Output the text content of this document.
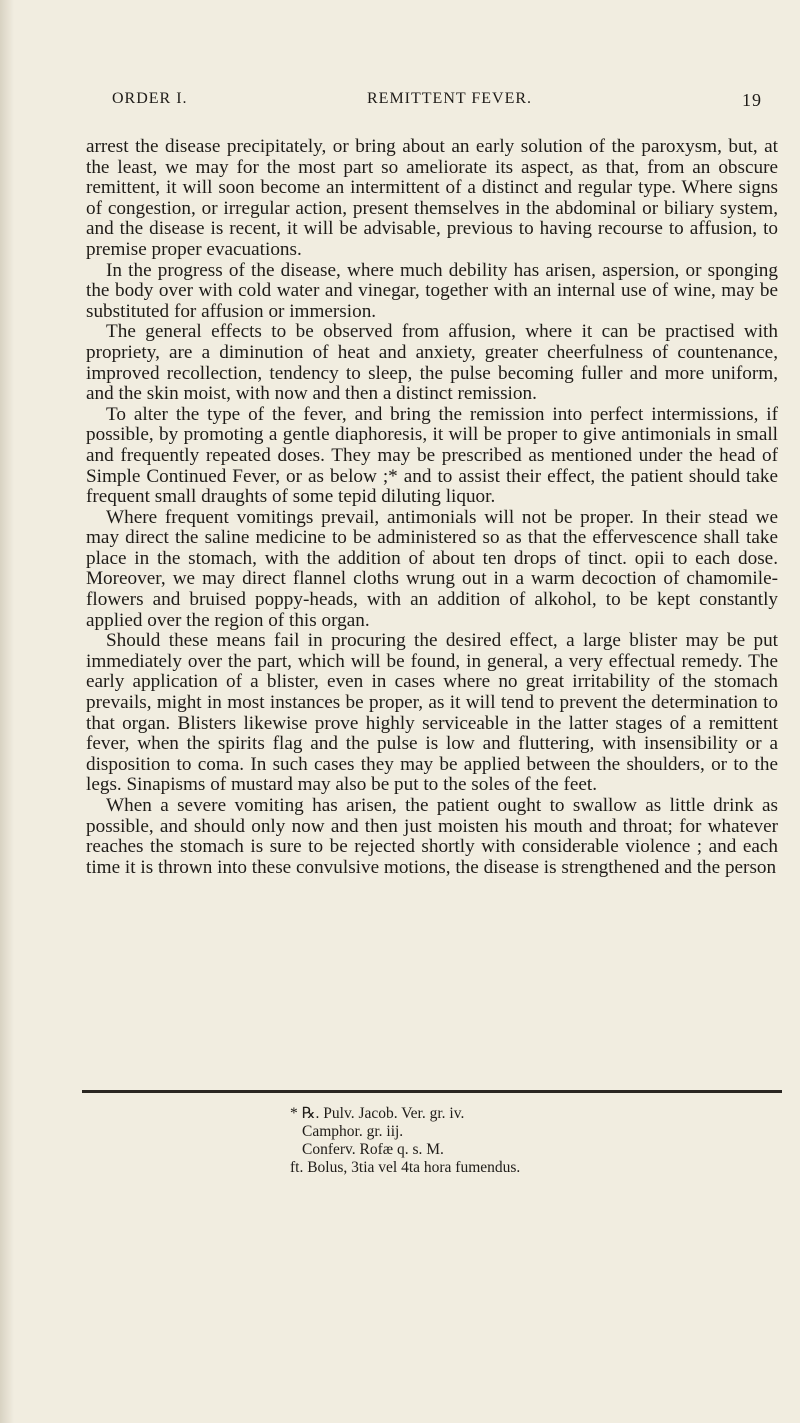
ORDER I.	REMITTENT FEVER.	19

arrest the disease precipitately, or bring about an early solution of the paroxysm, but, at the least, we may for the most part so ameliorate its aspect, as that, from an obscure remittent, it will soon become an intermittent of a distinct and regular type. Where signs of congestion, or irregular action, present themselves in the abdominal or biliary system, and the disease is recent, it will be advisable, previous to having recourse to affusion, to premise proper evacuations.

In the progress of the disease, where much debility has arisen, aspersion, or sponging the body over with cold water and vinegar, together with an internal use of wine, may be substituted for affusion or immersion.

The general effects to be observed from affusion, where it can be practised with propriety, are a diminution of heat and anxiety, greater cheerfulness of countenance, improved recollection, tendency to sleep, the pulse becoming fuller and more uniform, and the skin moist, with now and then a distinct remission.

To alter the type of the fever, and bring the remission into perfect intermissions, if possible, by promoting a gentle diaphoresis, it will be proper to give antimonials in small and frequently repeated doses. They may be prescribed as mentioned under the head of Simple Continued Fever, or as below ;* and to assist their effect, the patient should take frequent small draughts of some tepid diluting liquor.

Where frequent vomitings prevail, antimonials will not be proper. In their stead we may direct the saline medicine to be administered so as that the effervescence shall take place in the stomach, with the addition of about ten drops of tinct. opii to each dose. Moreover, we may direct flannel cloths wrung out in a warm decoction of chamomile-flowers and bruised poppy-heads, with an addition of alkohol, to be kept constantly applied over the region of this organ.

Should these means fail in procuring the desired effect, a large blister may be put immediately over the part, which will be found, in general, a very effectual remedy. The early application of a blister, even in cases where no great irritability of the stomach prevails, might in most instances be proper, as it will tend to prevent the determination to that organ. Blisters likewise prove highly serviceable in the latter stages of a remittent fever, when the spirits flag and the pulse is low and fluttering, with insensibility or a disposition to coma. In such cases they may be applied between the shoulders, or to the legs. Sinapisms of mustard may also be put to the soles of the feet.

When a severe vomiting has arisen, the patient ought to swallow as little drink as possible, and should only now and then just moisten his mouth and throat; for whatever reaches the stomach is sure to be rejected shortly with considerable violence ; and each time it is thrown into these convulsive motions, the disease is strengthened and the person

* ℞. Pulv. Jacob. Ver. gr. iv.
Camphor. gr. iij.
Conferv. Rofæ q. s. M.
ft. Bolus, 3tia vel 4ta hora fumendus.
